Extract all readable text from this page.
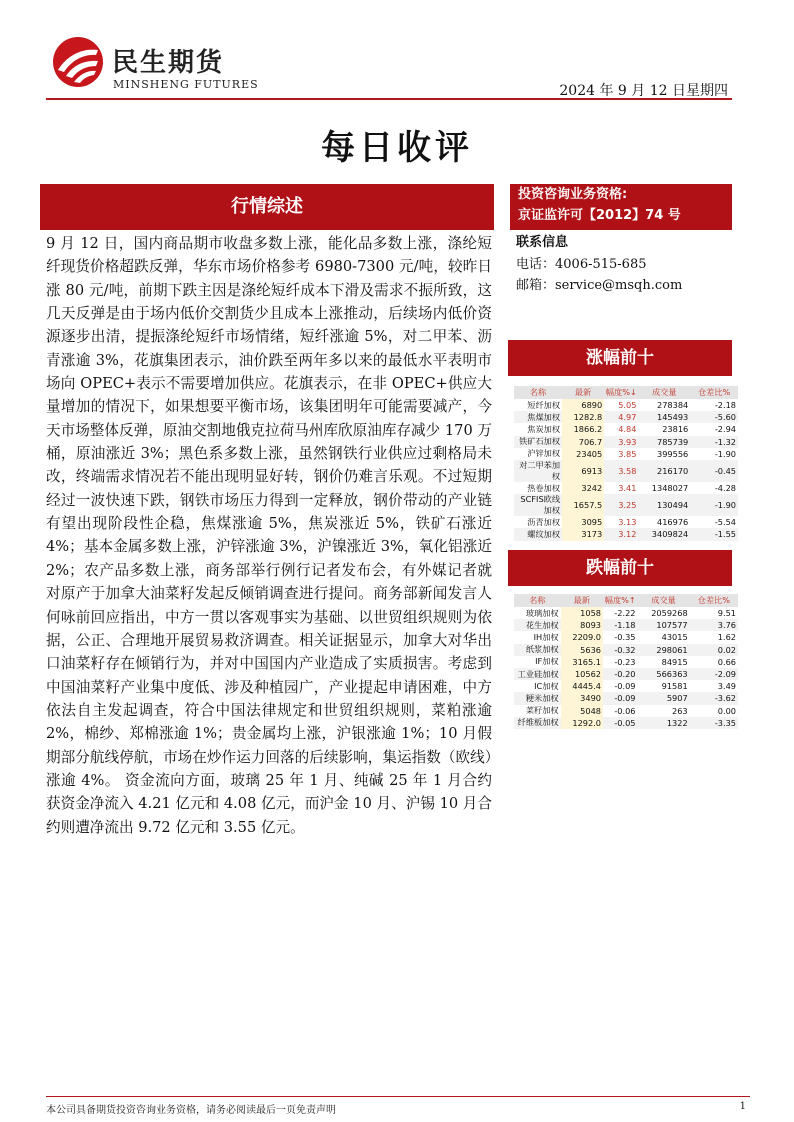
民生期货
MINSHENG FUTURES	2024 年 9 月 12 日星期四
每日收评
行情综述
9 月 12 日，国内商品期市收盘多数上涨，能化品多数上涨，涤纶短纤现货价格超跌反弹，华东市场价格参考 6980-7300 元/吨，较昨日涨 80 元/吨，前期下跌主因是涤纶短纤成本下滑及需求不振所致，这几天反弹是由于场内低价交割货少且成本上涨推动，后续场内低价资源逐步出清，提振涤纶短纤市场情绪，短纤涨逾 5%，对二甲苯、沥青涨逾 3%，花旗集团表示，油价跌至两年多以来的最低水平表明市场向 OPEC+表示不需要增加供应。花旗表示，在非 OPEC+供应大量增加的情况下，如果想要平衡市场，该集团明年可能需要减产，今天市场整体反弹，原油交割地俄克拉荷马州库欣原油库存减少 170 万桶，原油涨近 3%；黑色系多数上涨，虽然钢铁行业供应过剩格局未改，终端需求情况若不能出现明显好转，钢价仍难言乐观。不过短期经过一波快速下跌，钢铁市场压力得到一定释放，钢价带动的产业链有望出现阶段性企稳，焦煤涨逾 5%，焦炭涨近 5%，铁矿石涨近 4%；基本金属多数上涨，沪锌涨逾 3%，沪镍涨近 3%，氧化铝涨近 2%；农产品多数上涨，商务部举行例行记者发布会，有外媒记者就对原产于加拿大油菜籽发起反倾销调查进行提问。商务部新闻发言人何咏前回应指出，中方一贯以客观事实为基础、以世贸组织规则为依据，公正、合理地开展贸易救济调查。相关证据显示，加拿大对华出口油菜籽存在倾销行为，并对中国国内产业造成了实质损害。考虑到中国油菜籽产业集中度低、涉及种植园广，产业提起申请困难，中方依法自主发起调查，符合中国法律规定和世贸组织规则，菜粕涨逾 2%，棉纱、郑棉涨逾 1%；贵金属均上涨，沪银涨逾 1%；10 月假期部分航线停航，市场在炒作运力回落的后续影响，集运指数（欧线）涨逾 4%。 资金流向方面，玻璃 25 年 1 月、纯碱 25 年 1 月合约获资金净流入 4.21 亿元和 4.08 亿元，而沪金 10 月、沪锡 10 月合约则遭净流出 9.72 亿元和 3.55 亿元。
投资咨询业务资格:
京证监许可【2012】74 号
联系信息
电话：4006-515-685
邮箱：service@msqh.com
涨幅前十
名称	最新	幅度%↓	成交量	仓差比%
短纤加权	6890	5.05	278384	-2.18
焦煤加权	1282.8	4.97	145493	-5.60
焦炭加权	1866.2	4.84	23816	-2.94
铁矿石加权	706.7	3.93	785739	-1.32
沪锌加权	23405	3.85	399556	-1.90
对二甲苯加权	6913	3.58	216170	-0.45
热卷加权	3242	3.41	1348027	-4.28
SCFIS欧线加权	1657.5	3.25	130494	-1.90
沥青加权	3095	3.13	416976	-5.54
螺纹加权	3173	3.12	3409824	-1.55
跌幅前十
名称	最新	幅度%↑	成交量	仓差比%
玻璃加权	1058	-2.22	2059268	9.51
花生加权	8093	-1.18	107577	3.76
IH加权	2209.0	-0.35	43015	1.62
纸浆加权	5636	-0.32	298061	0.02
IF加权	3165.1	-0.23	84915	0.66
工业硅加权	10562	-0.20	566363	-2.09
IC加权	4445.4	-0.09	91581	3.49
粳米加权	3490	-0.09	5907	-3.62
菜籽加权	5048	-0.06	263	0.00
纤维板加权	1292.0	-0.05	1322	-3.35
本公司具备期货投资咨询业务资格，请务必阅读最后一页免责声明	1
